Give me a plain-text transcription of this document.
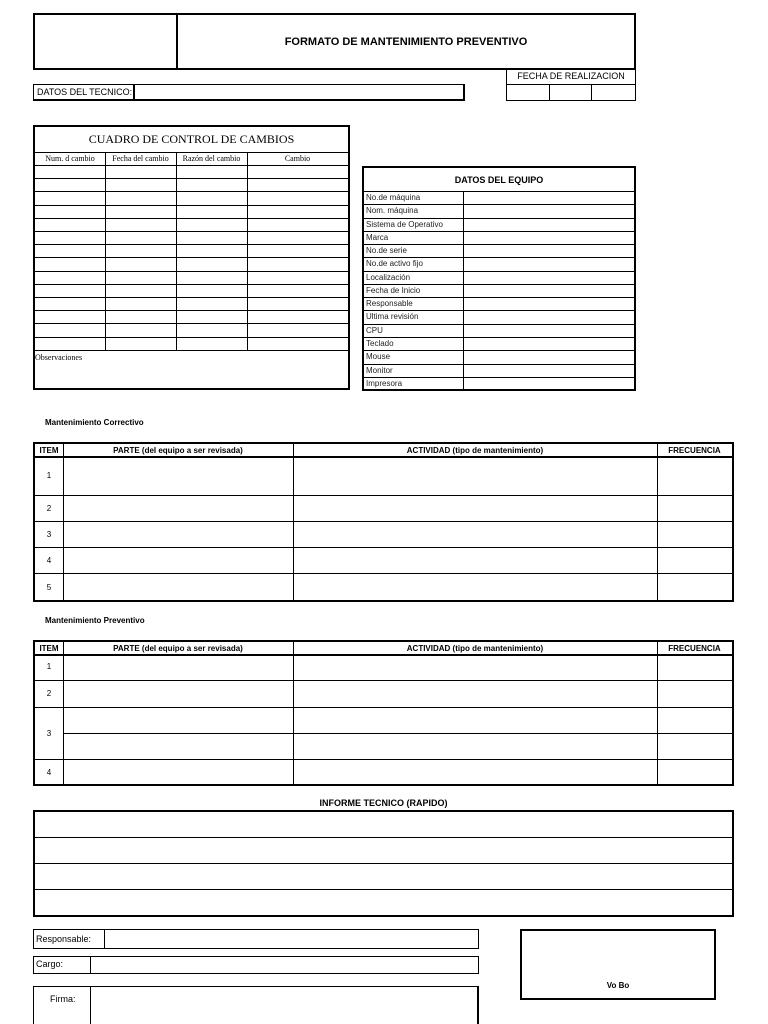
FORMATO DE MANTENIMIENTO PREVENTIVO
FECHA DE REALIZACION
DATOS DEL TECNICO:
CUADRO DE CONTROL DE CAMBIOS
Num. d cambio	Fecha del cambio	Razón del cambio	Cambio
Observaciones
DATOS DEL EQUIPO
No.de máquina
Nom. máquina
Sistema de Operativo
Marca
No.de serie
No.de activo fijo
Localización
Fecha de Inicio
Responsable
Ultima revisión
CPU
Teclado
Mouse
Monitor
Impresora
Mantenimiento Correctivo
ITEM	PARTE (del equipo a ser revisada)	ACTIVIDAD (tipo de mantenimiento)	FRECUENCIA
1
2
3
4
5
Mantenimiento Preventivo
ITEM	PARTE (del equipo a ser revisada)	ACTIVIDAD (tipo de mantenimiento)	FRECUENCIA
1
2
3
4
INFORME TECNICO (RAPIDO)
Responsable:
Cargo:
Firma:
Vo Bo
